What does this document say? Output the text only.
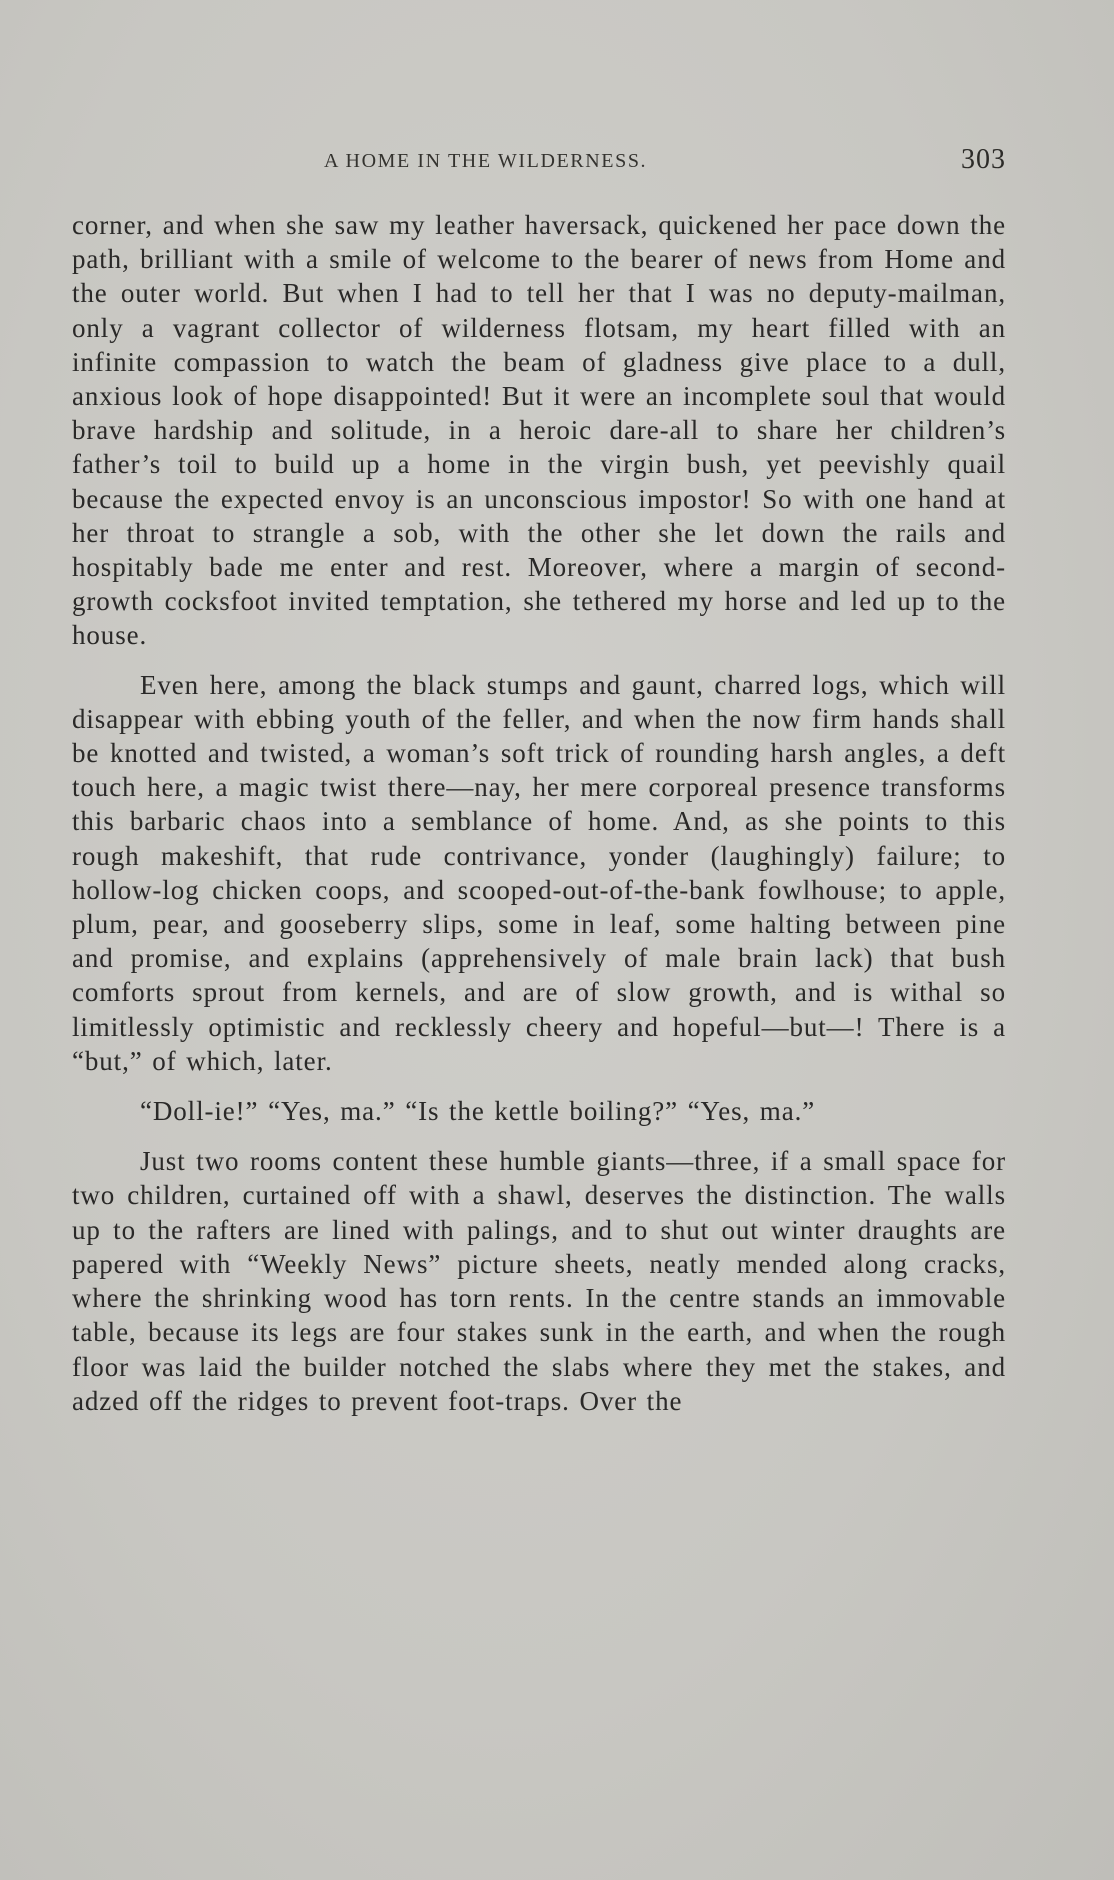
A HOME IN THE WILDERNESS.	303

corner, and when she saw my leather haversack, quickened her pace down the path, brilliant with a smile of welcome to the bearer of news from Home and the outer world. But when I had to tell her that I was no deputy-mailman, only a vagrant collector of wilderness flotsam, my heart filled with an infinite compassion to watch the beam of gladness give place to a dull, anxious look of hope disappointed! But it were an incomplete soul that would brave hardship and solitude, in a heroic dare-all to share her children’s father’s toil to build up a home in the virgin bush, yet peevishly quail because the expected envoy is an unconscious impostor! So with one hand at her throat to strangle a sob, with the other she let down the rails and hospitably bade me enter and rest. Moreover, where a margin of second-growth cocksfoot invited temptation, she tethered my horse and led up to the house.

Even here, among the black stumps and gaunt, charred logs, which will disappear with ebbing youth of the feller, and when the now firm hands shall be knotted and twisted, a woman’s soft trick of rounding harsh angles, a deft touch here, a magic twist there—nay, her mere corporeal presence transforms this barbaric chaos into a semblance of home. And, as she points to this rough makeshift, that rude contrivance, yonder (laughingly) failure; to hollow-log chicken coops, and scooped-out-of-the-bank fowlhouse; to apple, plum, pear, and gooseberry slips, some in leaf, some halting between pine and promise, and explains (apprehensively of male brain lack) that bush comforts sprout from kernels, and are of slow growth, and is withal so limitlessly optimistic and recklessly cheery and hopeful—but—! There is a “but,” of which, later.

“Doll-ie!” “Yes, ma.” “Is the kettle boiling?” “Yes, ma.”

Just two rooms content these humble giants—three, if a small space for two children, curtained off with a shawl, deserves the distinction. The walls up to the rafters are lined with palings, and to shut out winter draughts are papered with “Weekly News” picture sheets, neatly mended along cracks, where the shrinking wood has torn rents. In the centre stands an immovable table, because its legs are four stakes sunk in the earth, and when the rough floor was laid the builder notched the slabs where they met the stakes, and adzed off the ridges to prevent foot-traps. Over the
